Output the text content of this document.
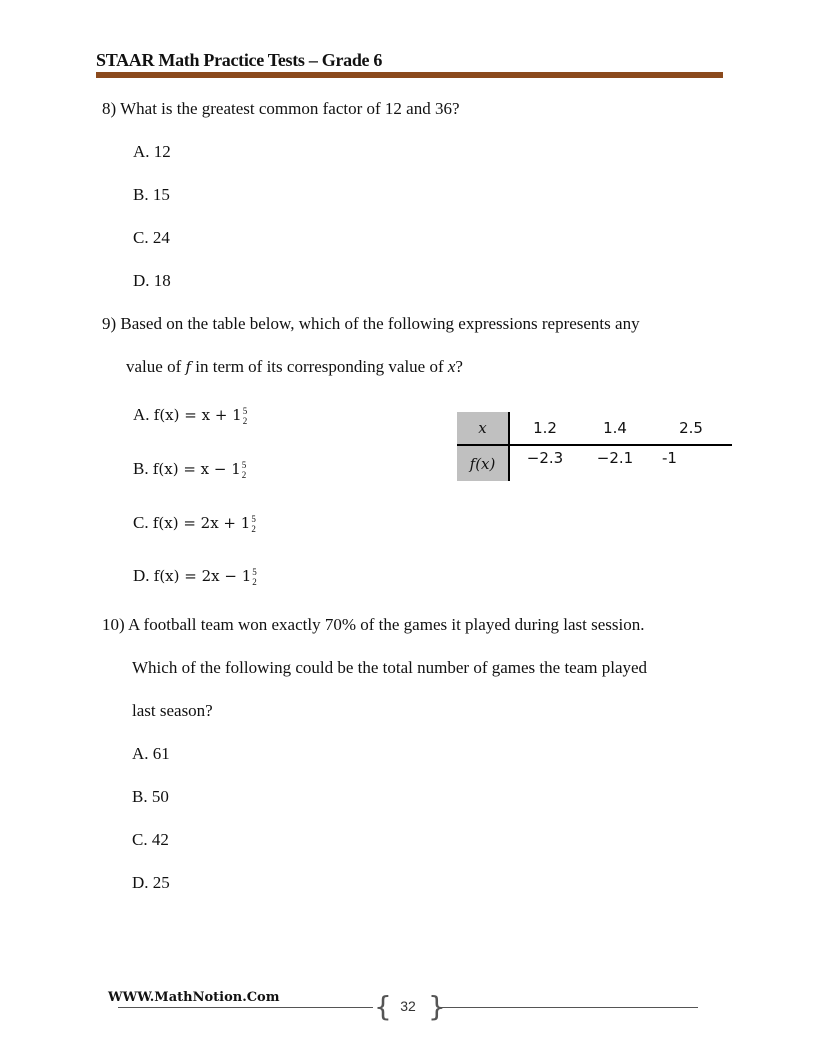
STAAR Math Practice Tests – Grade 6
8) What is the greatest common factor of 12 and 36?
A. 12
B. 15
C. 24
D. 18
9) Based on the table below, which of the following expressions represents any
value of f in term of its corresponding value of x?
A. f(x) = x + 1 5
2
B. f(x) = x − 1 5
2
C. f(x) = 2x + 1 5
2
D. f(x) = 2x − 1 5
2
x	1.2	1.4	2.5
f(x)	−2.3	−2.1	-1
10) A football team won exactly 70% of the games it played during last session.
Which of the following could be the total number of games the team played
last season?
A. 61
B. 50
C. 42
D. 25
WWW.MathNotion.Com	{ }
32
